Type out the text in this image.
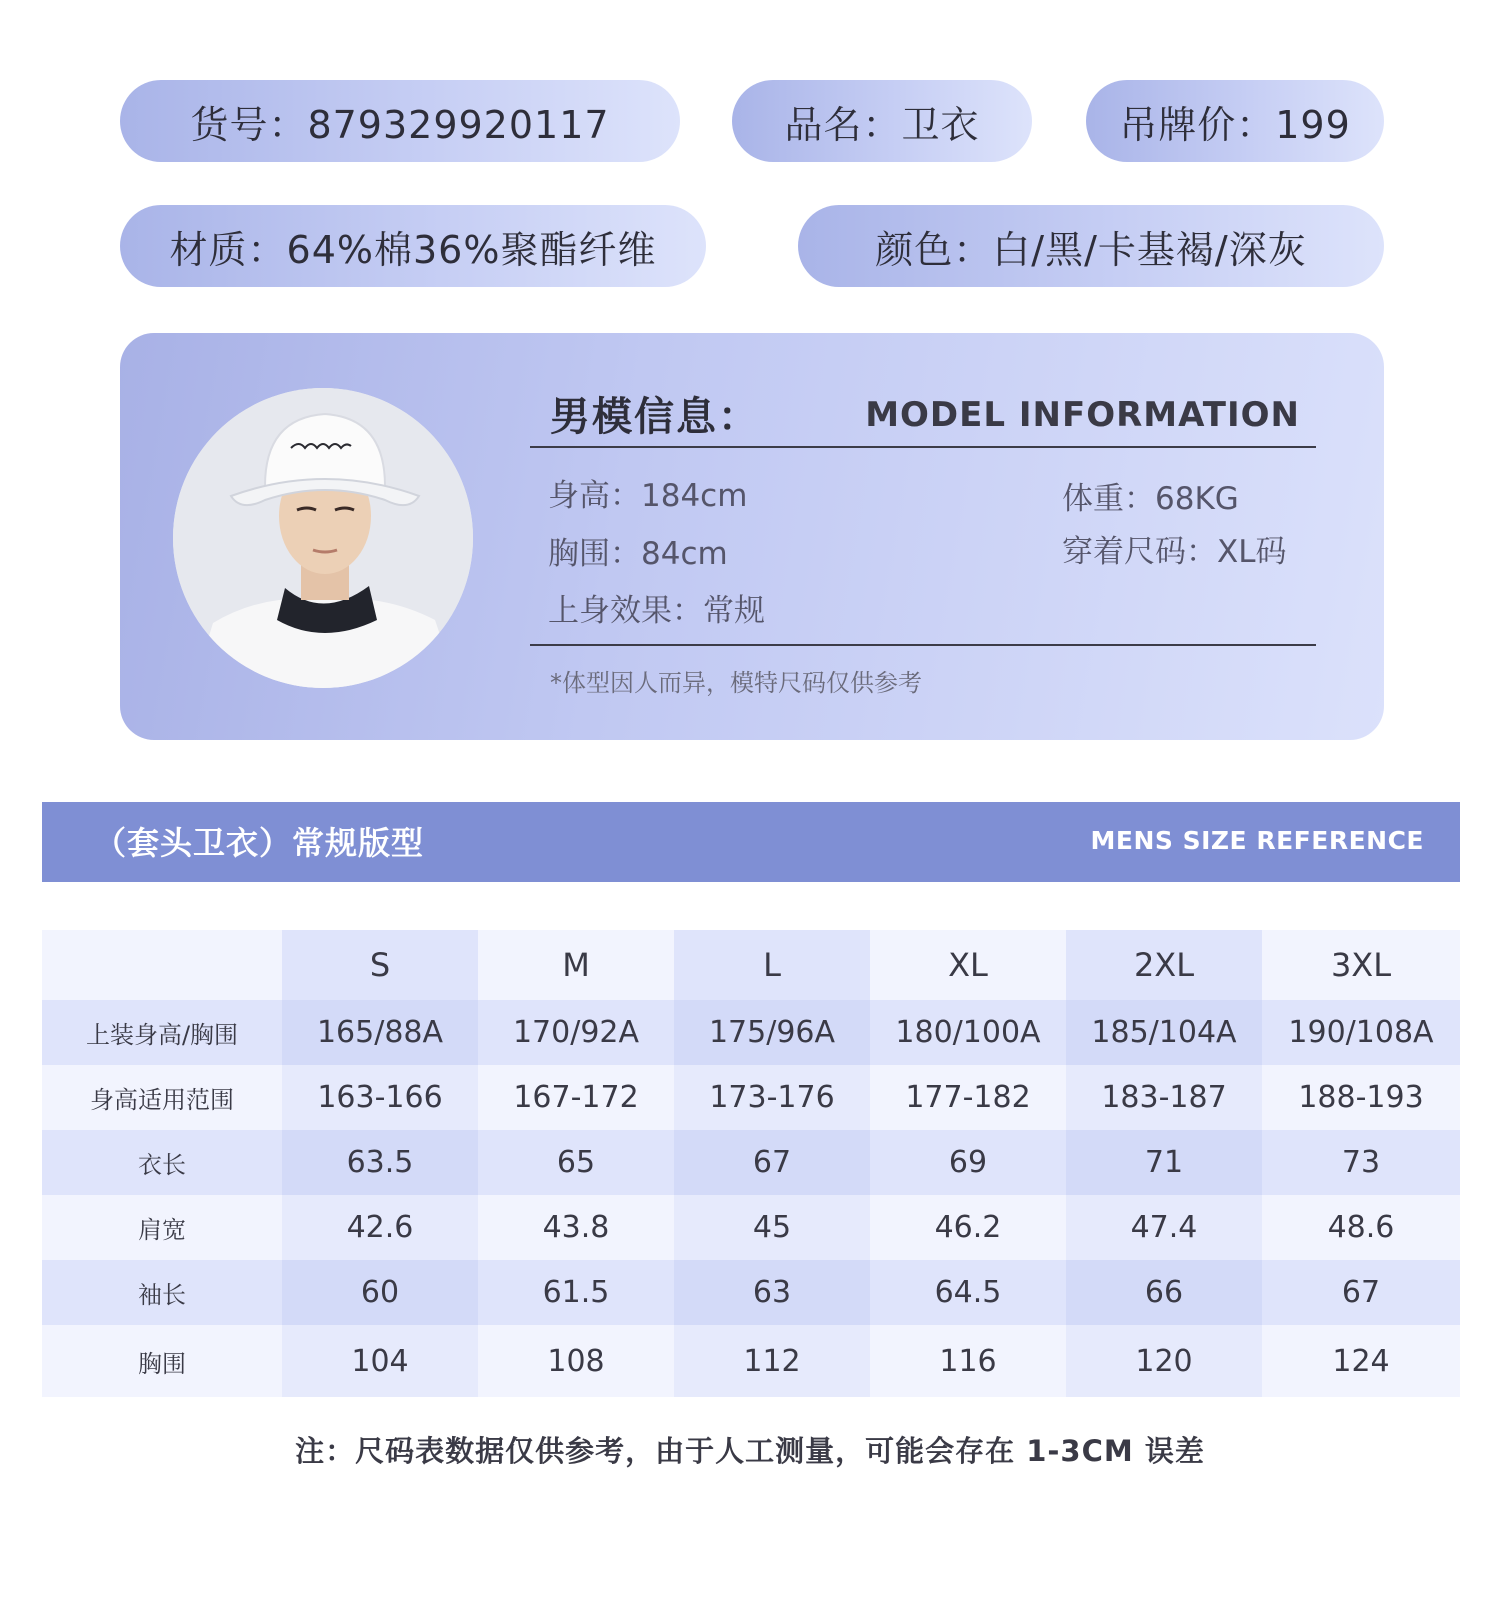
货号：879329920117	品名：卫衣	吊牌价：199
材质：64%棉36%聚酯纤维	颜色：白/黑/卡基褐/深灰
男模信息：	MODEL INFORMATION
身高：184cm
胸围：84cm
上身效果：常规
体重：68KG
穿着尺码：XL码
*体型因人而异，模特尺码仅供参考
（套头卫衣）常规版型	MENS SIZE REFERENCE
	S	M	L	XL	2XL	3XL
上装身高/胸围	165/88A	170/92A	175/96A	180/100A	185/104A	190/108A
身高适用范围	163-166	167-172	173-176	177-182	183-187	188-193
衣长	63.5	65	67	69	71	73
肩宽	42.6	43.8	45	46.2	47.4	48.6
袖长	60	61.5	63	64.5	66	67
胸围	104	108	112	116	120	124
注：尺码表数据仅供参考，由于人工测量，可能会存在 1-3CM 误差
